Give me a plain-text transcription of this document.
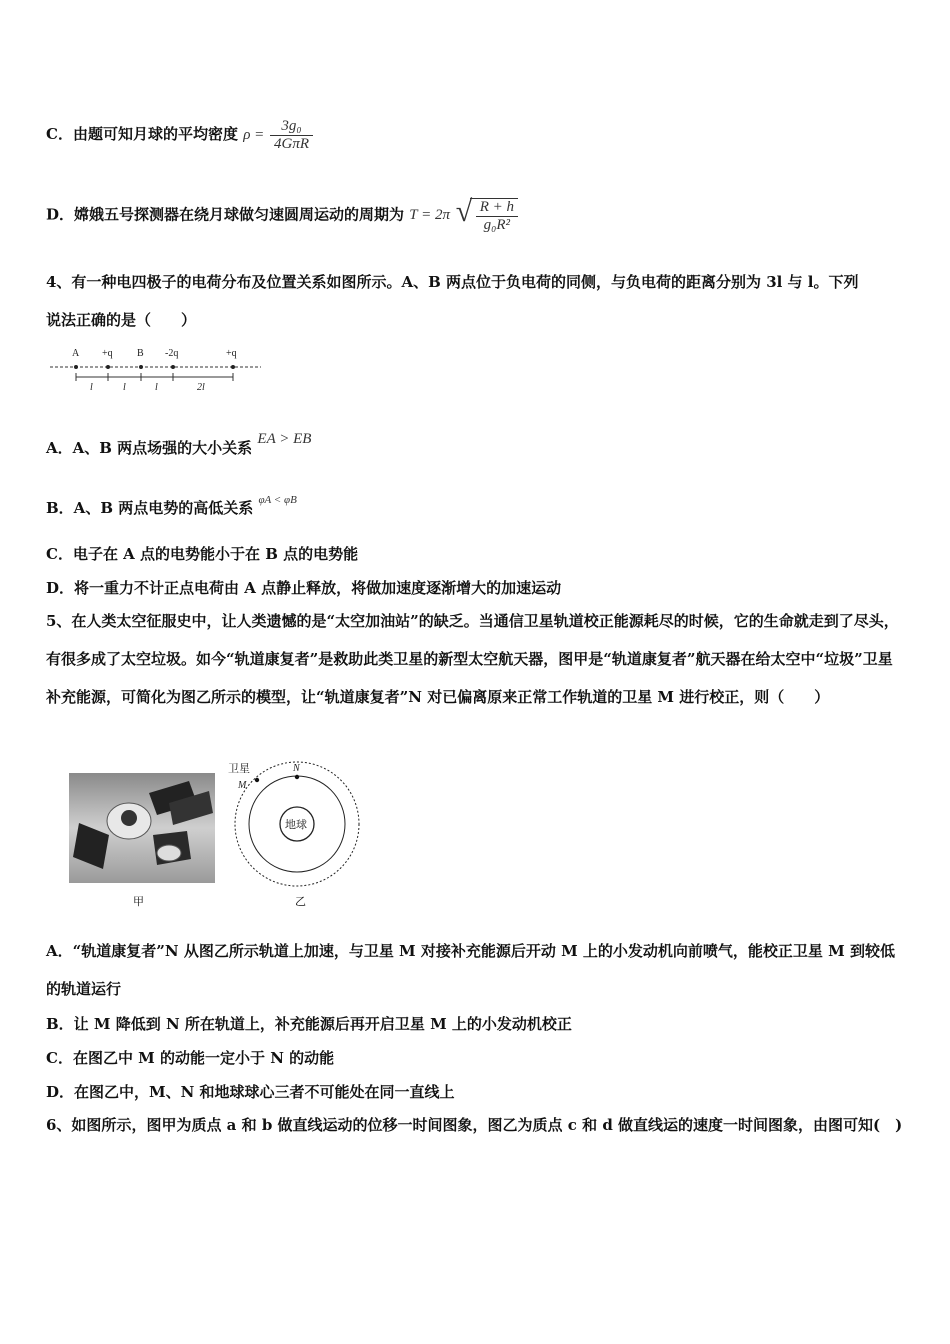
C．由题可知月球的平均密度 $\rho = \frac{\text{3g₀}}{\text{4GπR}}$
D．嫦娥五号探测器在绕月球做匀速圆周运动的周期为 T = 2π
√ $\frac{R + h}{\text{g₀R²}}$
4、有一种电四极子的电荷分布及位置关系如图所示。A、B 两点位于负电荷的同侧，与负电荷的距离分别为 3l 与 l。下列
说法正确的是（　　）
A +q B -2q	+q
l	l	l	2l
A．A、B 两点场强的大小关系 EA > EB
B．A、B 两点电势的高低关系 $^{\varphi A < \varphi B}$
C．电子在 A 点的电势能小于在 B 点的电势能
D．将一重力不计正点电荷由 A 点静止释放，将做加速度逐渐增大的加速运动
5、在人类太空征服史中，让人类遗憾的是“太空加油站”的缺乏。当通信卫星轨道校正能源耗尽的时候，它的生命就走到了尽头，有很多成了太空垃圾。如今“轨道康复者”是救助此类卫星的新型太空航天器，图甲是“轨道康复者”航天器在给太空中“垃圾”卫星补充能源，可简化为图乙所示的模型，让“轨道康复者”N 对已偏离原来正常工作轨道的卫星 M 进行校正，则（　　）
甲
卫星
M
N
地球
乙
A．“轨道康复者”N 从图乙所示轨道上加速，与卫星 M 对接补充能源后开动 M 上的小发动机向前喷气，能校正卫星 M 到较低的轨道运行
B．让 M 降低到 N 所在轨道上，补充能源后再开启卫星 M 上的小发动机校正
C．在图乙中 M 的动能一定小于 N 的动能
D．在图乙中，M、N 和地球球心三者不可能处在同一直线上
6、如图所示，图甲为质点 a 和 b 做直线运动的位移一时间图象，图乙为质点 c 和 d 做直线运的速度一时间图象，由图可知(　)
